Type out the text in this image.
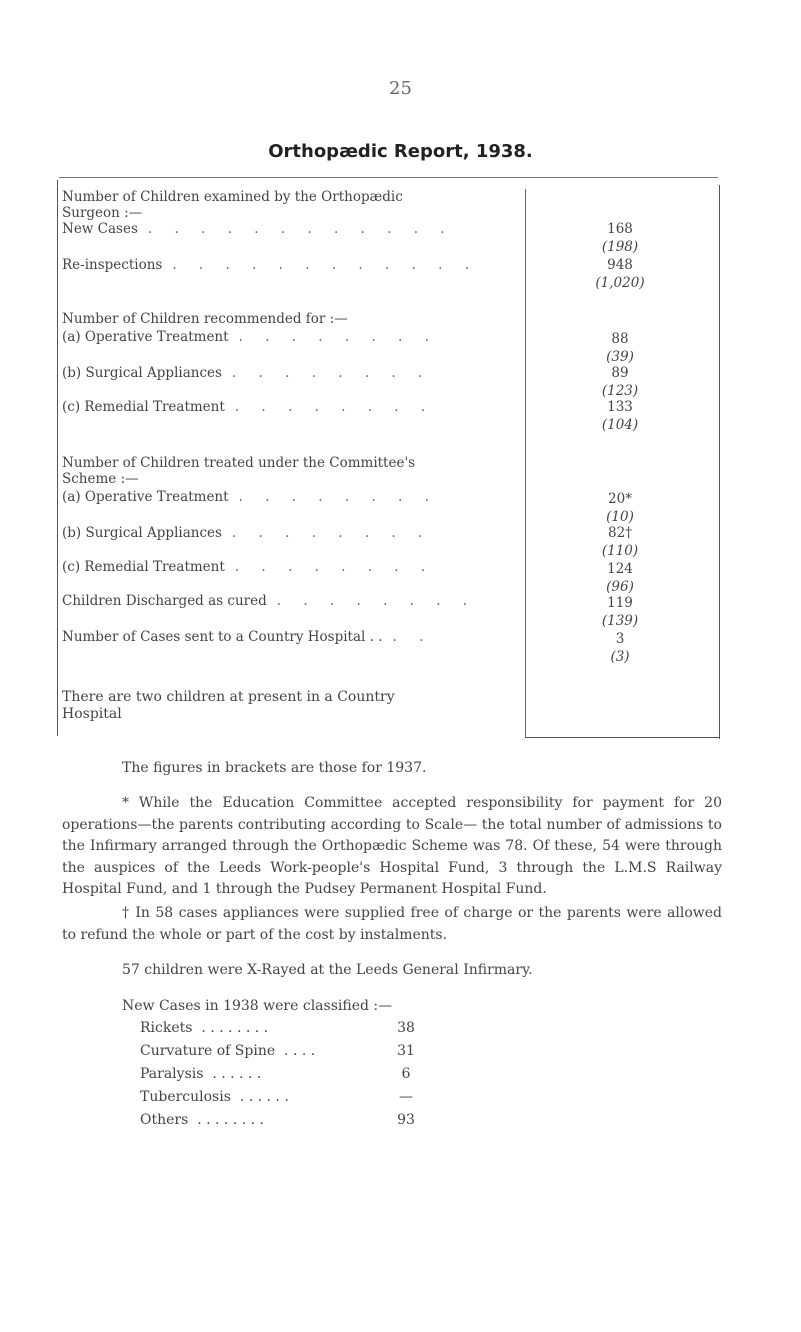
25
Orthopædic Report, 1938.
Number of Children examined by the Orthopædic
Surgeon :—
New Cases . . . . . . . . . . . .	168
(198)
Re-inspections . . . . . . . . . . . .	948
(1,020)
Number of Children recommended for :—
(a) Operative Treatment . . . . . . . .	88
(39)
(b) Surgical Appliances . . . . . . . .	89
(123)
(c) Remedial Treatment . . . . . . . .	133
(104)
Number of Children treated under the Committee's
Scheme :—
(a) Operative Treatment . . . . . . . .	20*
(10)
(b) Surgical Appliances . . . . . . . .	82†
(110)
(c) Remedial Treatment . . . . . . . .	124
(96)
Children Discharged as cured . . . . . . . .	119
(139)
Number of Cases sent to a Country Hospital . . . .	3
(3)
There are two children at present in a Country
Hospital
The figures in brackets are those for 1937.
* While the Education Committee accepted responsibility for payment for 20 operations—the parents contributing according to Scale— the total number of admissions to the Infirmary arranged through the Orthopædic Scheme was 78. Of these, 54 were through the auspices of the Leeds Work-people's Hospital Fund, 3 through the L.M.S Railway Hospital Fund, and 1 through the Pudsey Permanent Hospital Fund.
† In 58 cases appliances were supplied free of charge or the parents were allowed to refund the whole or part of the cost by instalments.
57 children were X-Rayed at the Leeds General Infirmary.
New Cases in 1938 were classified :—
Rickets . . . . . . . .	38
Curvature of Spine . . . .	31
Paralysis . . . . . .	6
Tuberculosis . . . . . .	—
Others . . . . . . . .	93
